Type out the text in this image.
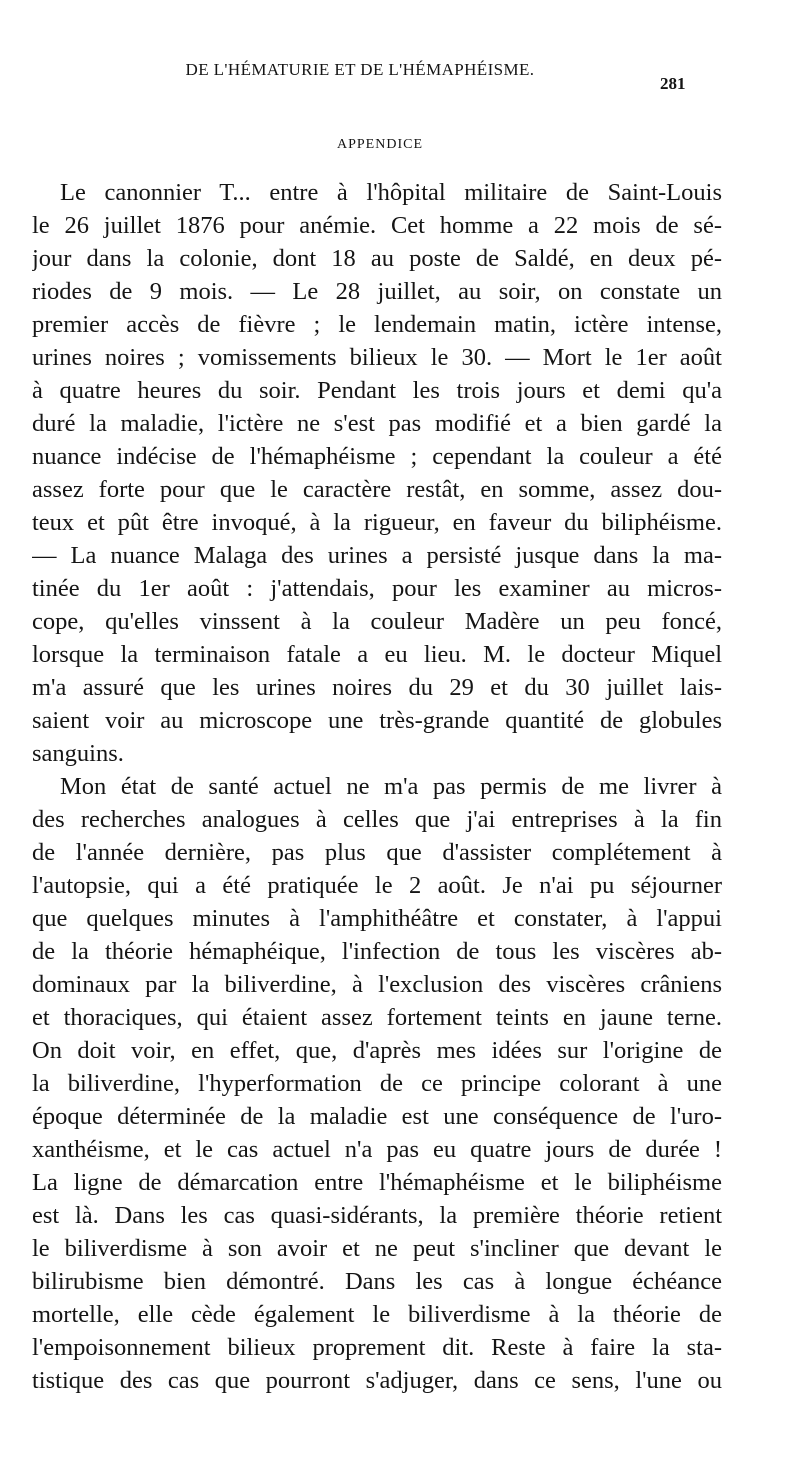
DE L'HÉMATURIE ET DE L'HÉMAPHÉISME.
281
APPENDICE

Le canonnier T... entre à l'hôpital militaire de Saint-Louis
le 26 juillet 1876 pour anémie. Cet homme a 22 mois de sé-
jour dans la colonie, dont 18 au poste de Saldé, en deux pé-
riodes de 9 mois. — Le 28 juillet, au soir, on constate un
premier accès de fièvre ; le lendemain matin, ictère intense,
urines noires ; vomissements bilieux le 30. — Mort le 1er août
à quatre heures du soir. Pendant les trois jours et demi qu'a
duré la maladie, l'ictère ne s'est pas modifié et a bien gardé la
nuance indécise de l'hémaphéisme ; cependant la couleur a été
assez forte pour que le caractère restât, en somme, assez dou-
teux et pût être invoqué, à la rigueur, en faveur du biliphéisme.
— La nuance Malaga des urines a persisté jusque dans la ma-
tinée du 1er août : j'attendais, pour les examiner au micros-
cope, qu'elles vinssent à la couleur Madère un peu foncé,
lorsque la terminaison fatale a eu lieu. M. le docteur Miquel
m'a assuré que les urines noires du 29 et du 30 juillet lais-
saient voir au microscope une très-grande quantité de globules
sanguins.

Mon état de santé actuel ne m'a pas permis de me livrer à
des recherches analogues à celles que j'ai entreprises à la fin
de l'année dernière, pas plus que d'assister complétement à
l'autopsie, qui a été pratiquée le 2 août. Je n'ai pu séjourner
que quelques minutes à l'amphithéâtre et constater, à l'appui
de la théorie hémaphéique, l'infection de tous les viscères ab-
dominaux par la biliverdine, à l'exclusion des viscères crâniens
et thoraciques, qui étaient assez fortement teints en jaune terne.
On doit voir, en effet, que, d'après mes idées sur l'origine de
la biliverdine, l'hyperformation de ce principe colorant à une
époque déterminée de la maladie est une conséquence de l'uro-
xanthéisme, et le cas actuel n'a pas eu quatre jours de durée !
La ligne de démarcation entre l'hémaphéisme et le biliphéisme
est là. Dans les cas quasi-sidérants, la première théorie retient
le biliverdisme à son avoir et ne peut s'incliner que devant le
bilirubisme bien démontré. Dans les cas à longue échéance
mortelle, elle cède également le biliverdisme à la théorie de
l'empoisonnement bilieux proprement dit. Reste à faire la sta-
tistique des cas que pourront s'adjuger, dans ce sens, l'une ou
